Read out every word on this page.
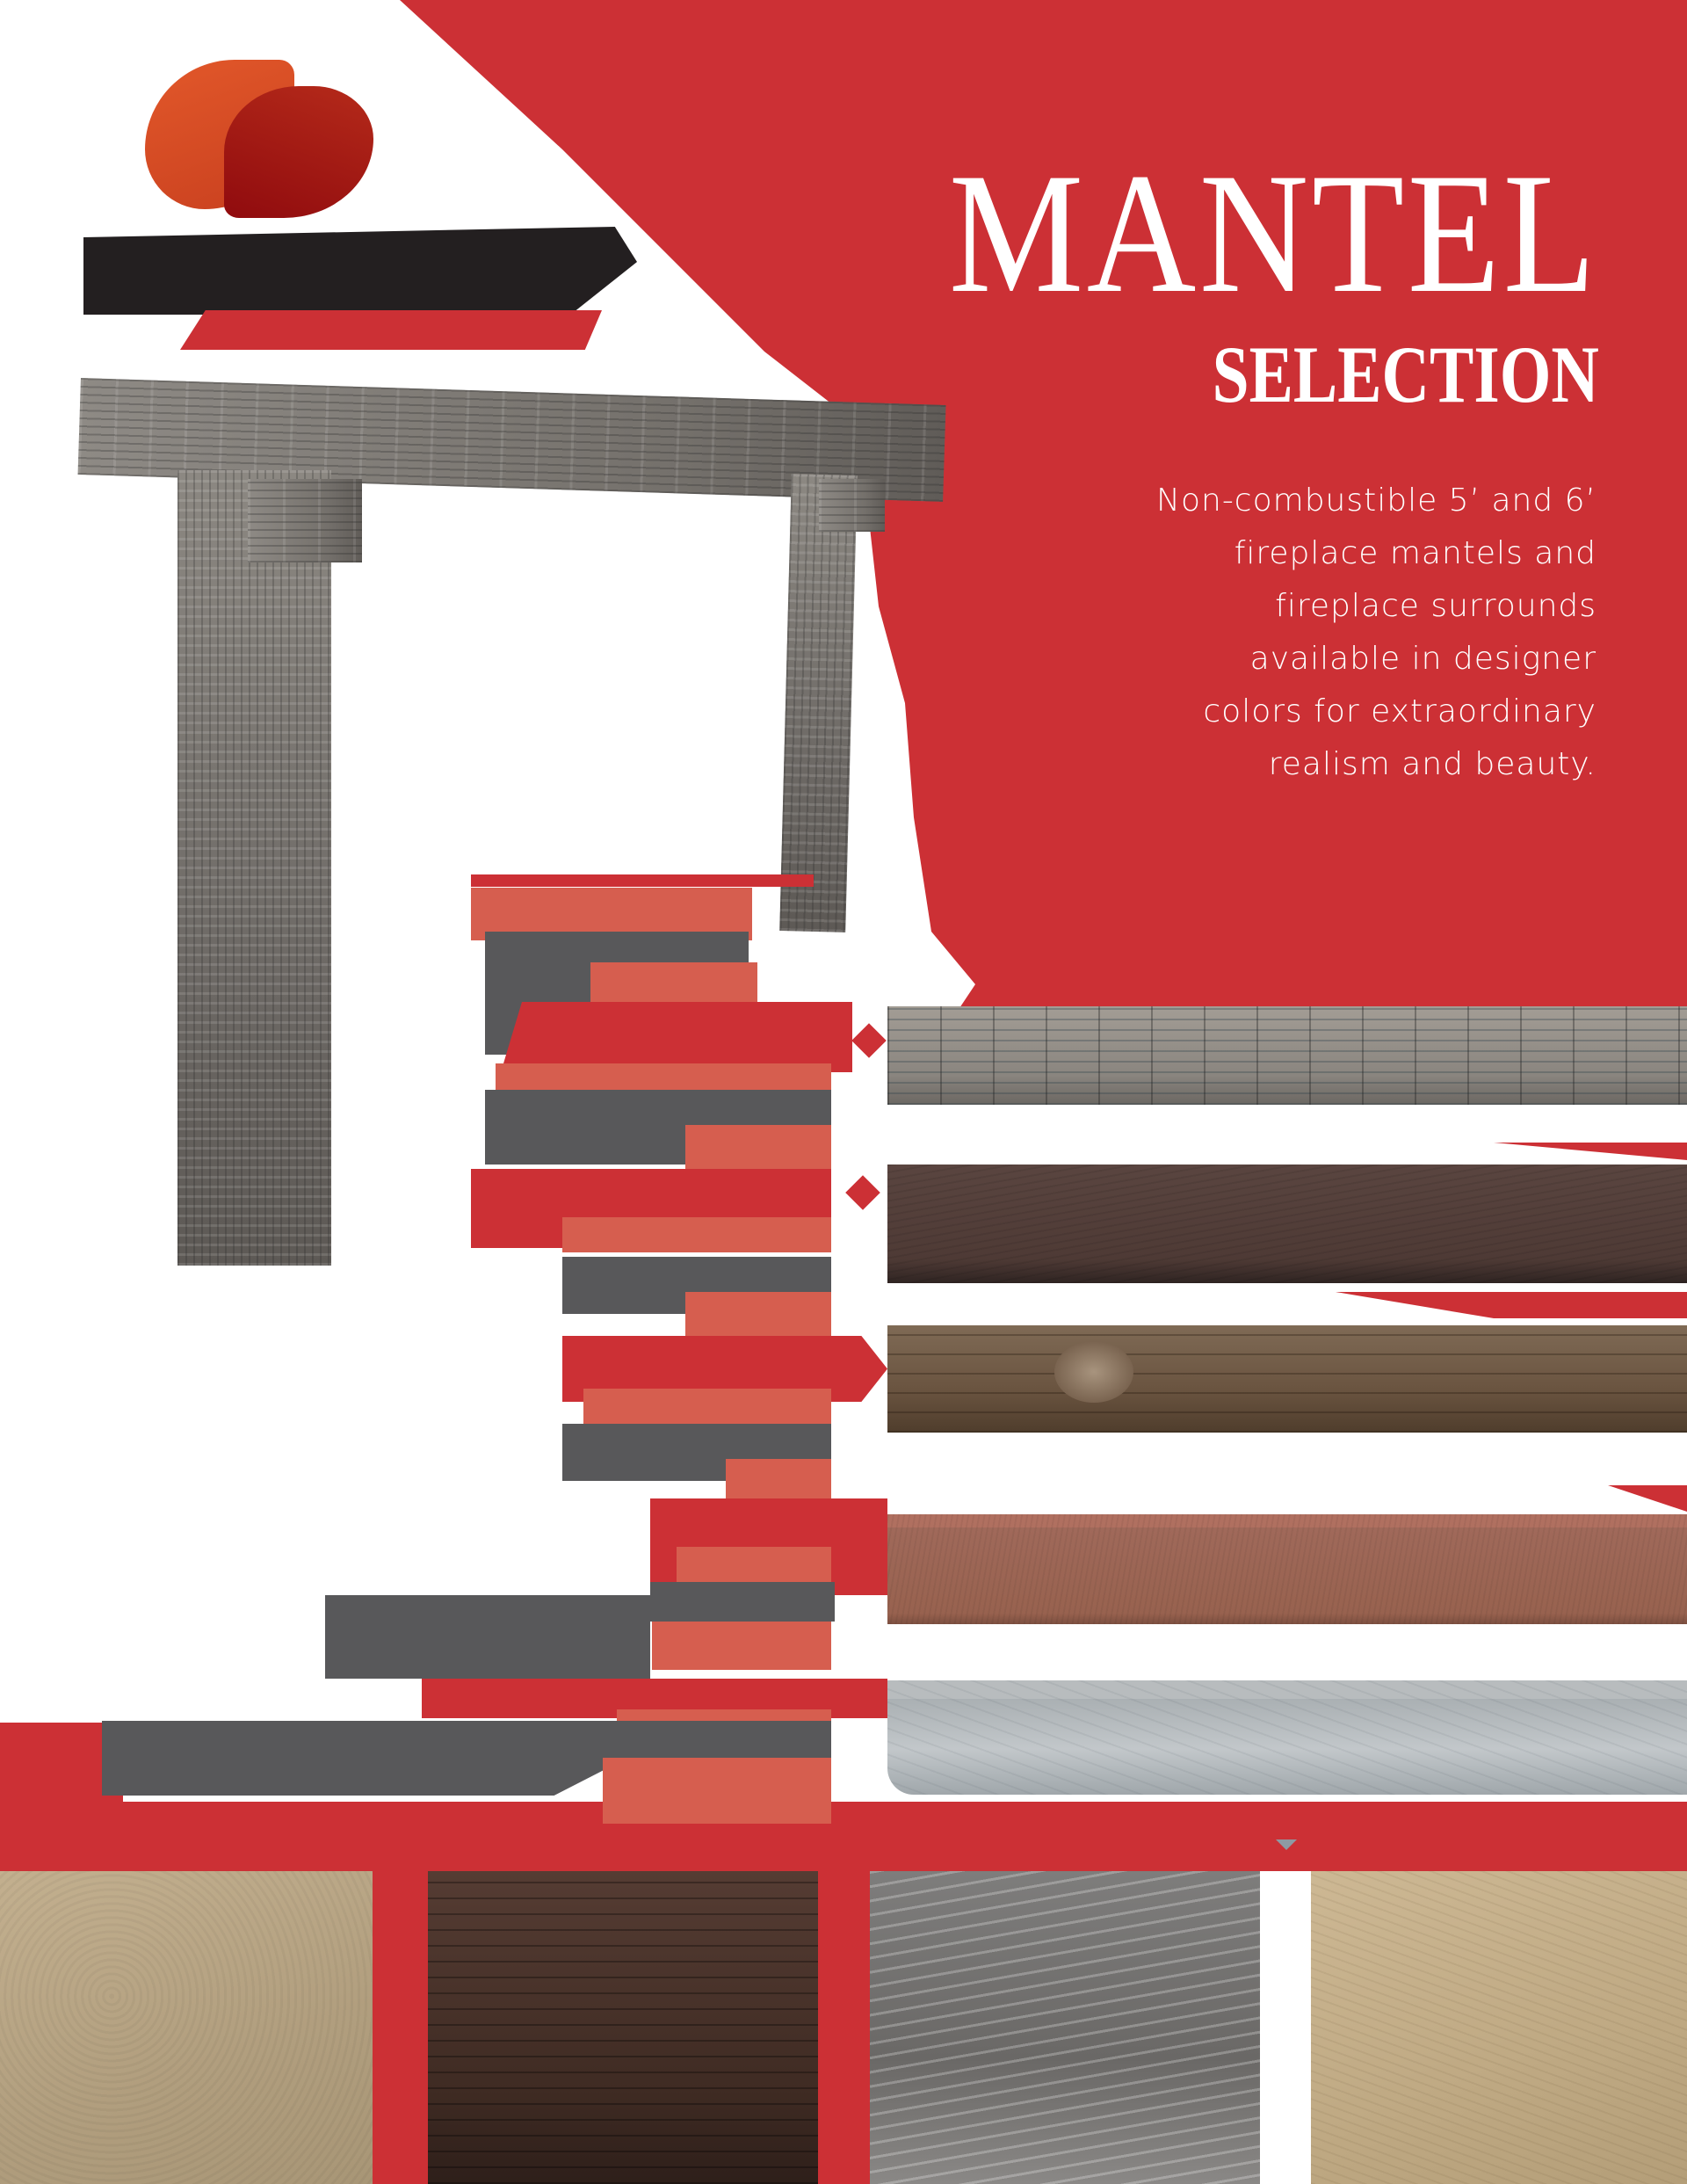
MANTEL
SELECTION
Non-combustible 5’ and 6’
fireplace mantels and
fireplace surrounds
available in designer
colors for extraordinary
realism and beauty.
